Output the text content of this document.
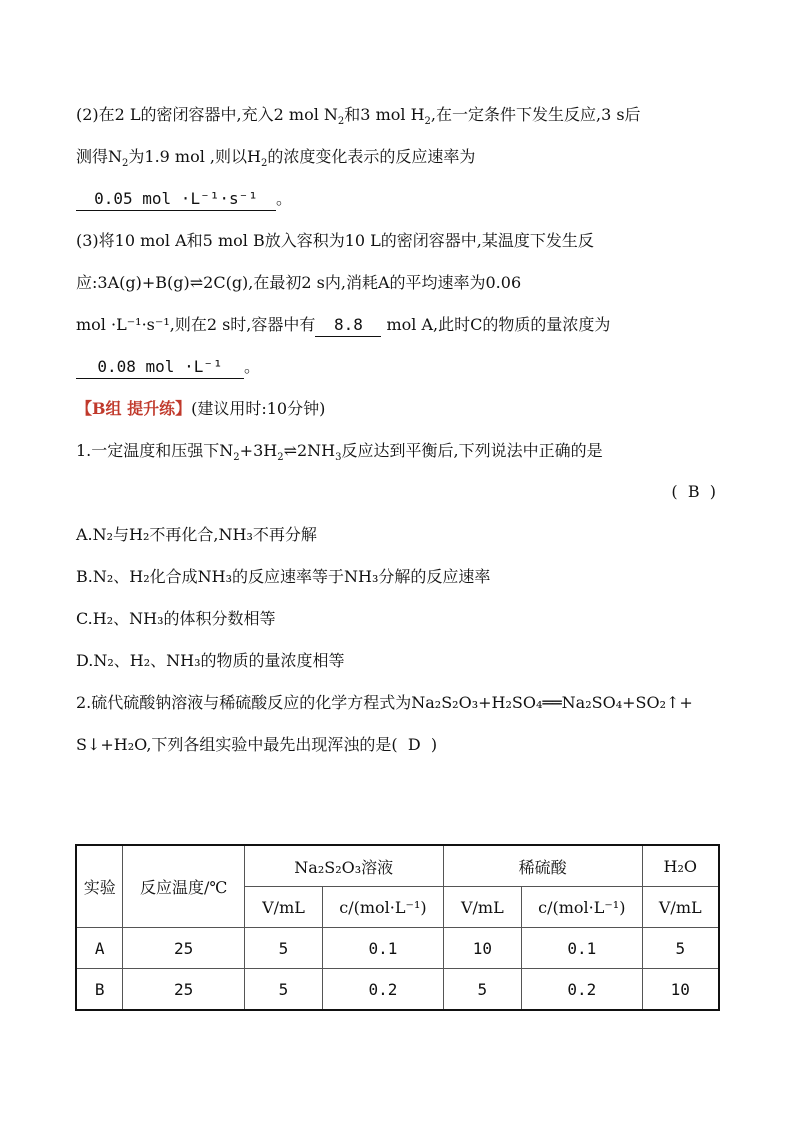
(2)在2 L的密闭容器中,充入2 mol $N_2$和3 mol $H_2$,在一定条件下发生反应,3 s后
测得$N_2$为1.9 mol ,则以$H_2$的浓度变化表示的反应速率为
0.05 mol ·L⁻¹·s⁻¹ 。
(3)将10 mol A和5 mol B放入容积为10 L的密闭容器中,某温度下发生反
应:3A(g)+B(g)⇌2C(g),在最初2 s内,消耗A的平均速率为0.06
mol ·L⁻¹·s⁻¹,则在2 s时,容器中有 8.8 mol A,此时C的物质的量浓度为
0.08 mol ·L⁻¹ 。
【B组 提升练】(建议用时:10分钟)
1.一定温度和压强下$N_2+3H_2\rightleftharpoons 2NH_3$反应达到平衡后,下列说法中正确的是
(  B  )
A.N₂与H₂不再化合,NH₃不再分解
B.N₂、H₂化合成NH₃的反应速率等于NH₃分解的反应速率
C.H₂、NH₃的体积分数相等
D.N₂、H₂、NH₃的物质的量浓度相等
2.硫代硫酸钠溶液与稀硫酸反应的化学方程式为Na₂S₂O₃+H₂SO₄══Na₂SO₄+SO₂↑+
S↓+H₂O,下列各组实验中最先出现浑浊的是(  D  )
实验	反应温度/℃	Na₂S₂O₃溶液		稀硫酸		H₂O
		V/mL	c/(mol·L⁻¹)	V/mL	c/(mol·L⁻¹)	V/mL
A	25	5	0.1	10	0.1	5
B	25	5	0.2	5	0.2	10
